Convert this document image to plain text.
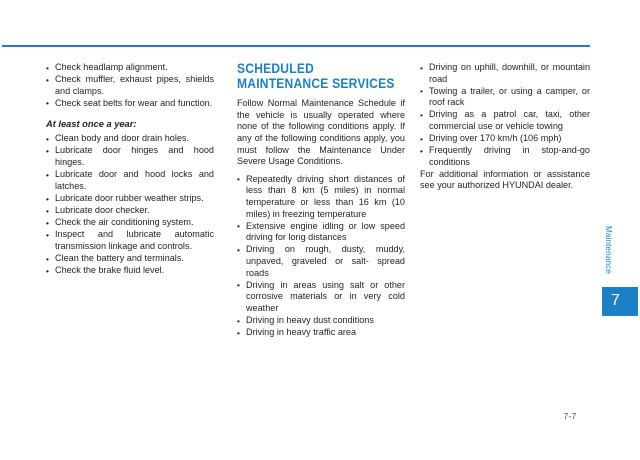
• Check headlamp alignment.
• Check muffler, exhaust pipes, shields and clamps.
• Check seat belts for wear and function.
At least once a year:
• Clean body and door drain holes.
• Lubricate door hinges and hood hinges.
• Lubricate door and hood locks and latches.
• Lubricate door rubber weather strips.
• Lubricate door checker.
• Check the air conditioning system.
• Inspect and lubricate automatic transmission linkage and controls.
• Clean the battery and terminals.
• Check the brake fluid level.
SCHEDULED MAINTENANCE SERVICES

Follow Normal Maintenance Schedule if the vehicle is usually operated where none of the following conditions apply. If any of the following conditions apply, you must follow the Maintenance Under Severe Usage Conditions.

• Repeatedly driving short distances of less than 8 km (5 miles) in normal temperature or less than 16 km (10 miles) in freezing temperature
• Extensive engine idling or low speed driving for long distances
• Driving on rough, dusty, muddy, unpaved, graveled or salt- spread roads
• Driving in areas using salt or other corrosive materials or in very cold weather
• Driving in heavy dust conditions
• Driving in heavy traffic area
• Driving on uphill, downhill, or mountain road
• Towing a trailer, or using a camper, or roof rack
• Driving as a patrol car, taxi, other commercial use or vehicle towing
• Driving over 170 km/h (106 mph)
• Frequently driving in stop-and-go conditions

For additional information or assistance see your authorized HYUNDAI dealer.

Maintenance
7
7-7
